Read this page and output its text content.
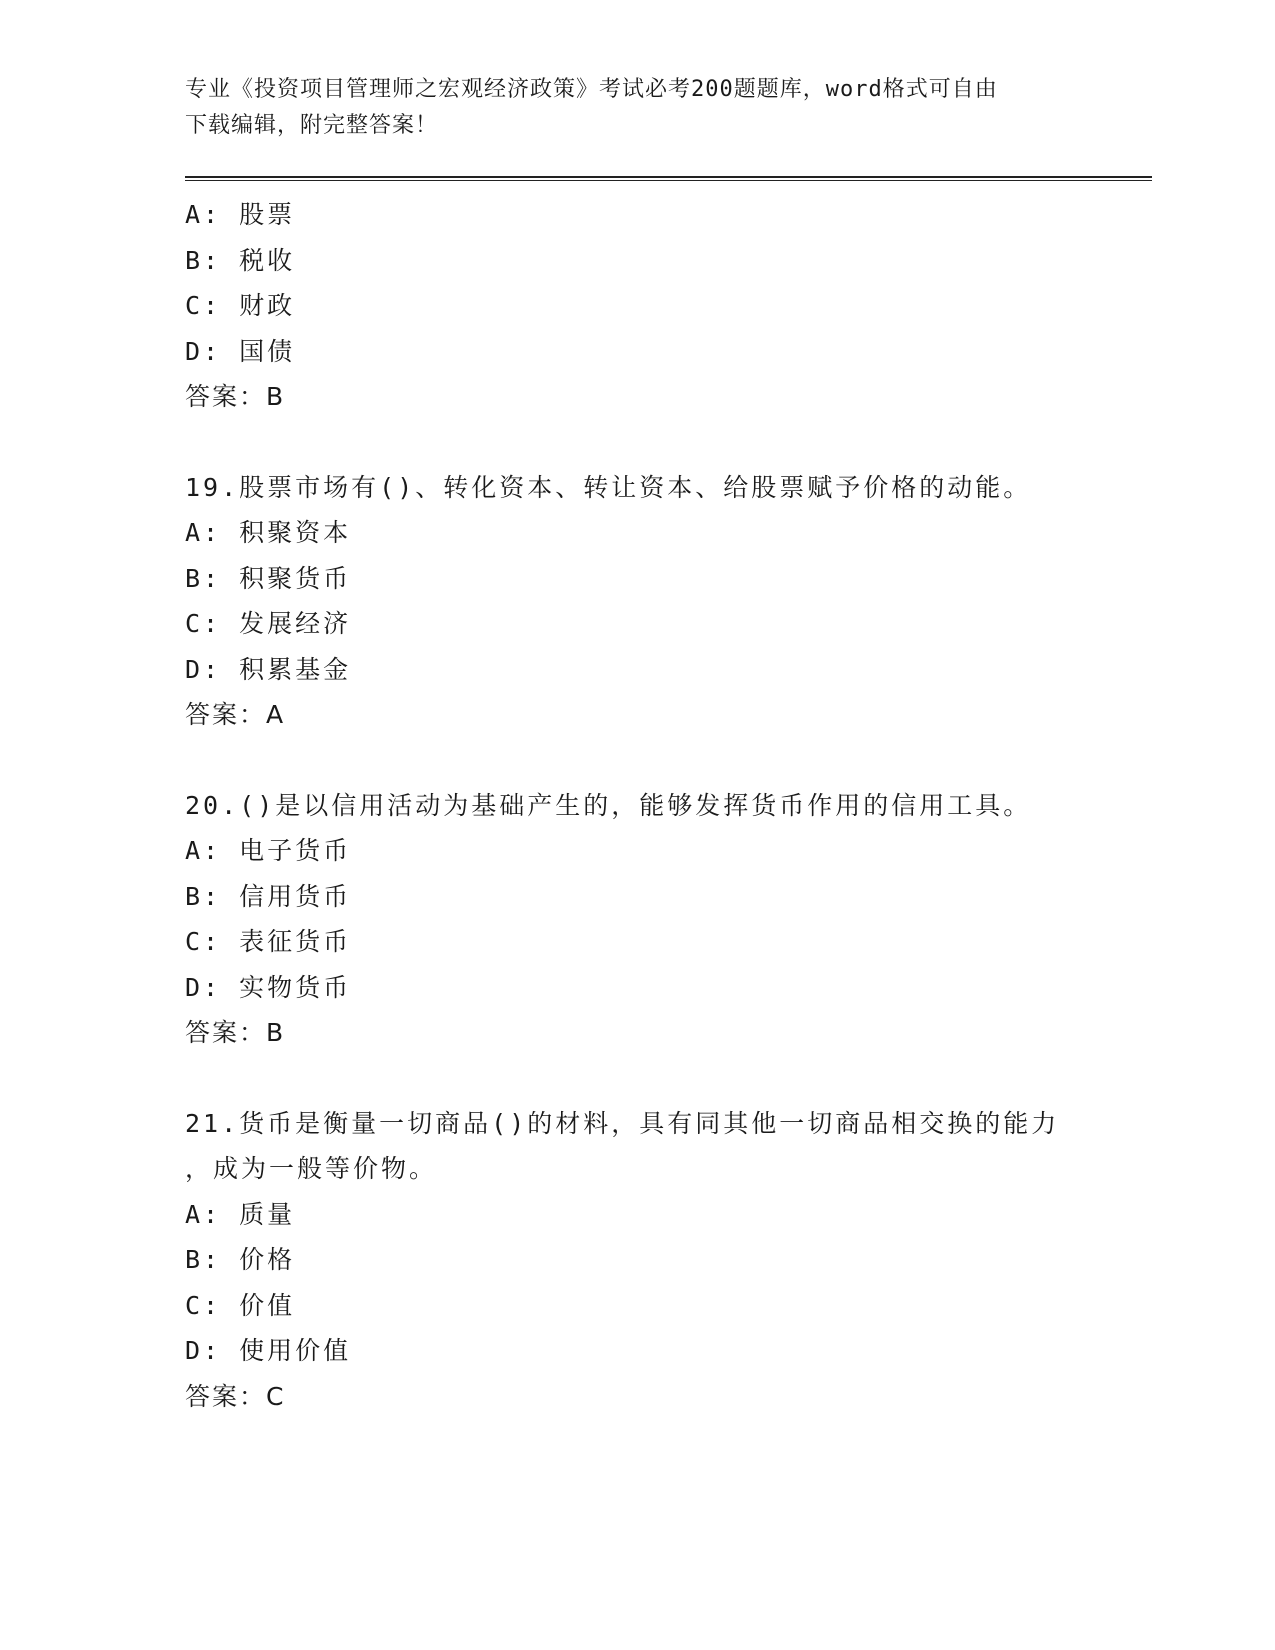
专业《投资项目管理师之宏观经济政策》考试必考200题题库，word格式可自由
下载编辑，附完整答案！
A: 股票
B: 税收
C: 财政
D: 国债
答案：B
19.股票市场有()、转化资本、转让资本、给股票赋予价格的动能。
A: 积聚资本
B: 积聚货币
C: 发展经济
D: 积累基金
答案：A
20.()是以信用活动为基础产生的，能够发挥货币作用的信用工具。
A: 电子货币
B: 信用货币
C: 表征货币
D: 实物货币
答案：B
21.货币是衡量一切商品()的材料，具有同其他一切商品相交换的能力
，成为一般等价物。
A: 质量
B: 价格
C: 价值
D: 使用价值
答案：C
